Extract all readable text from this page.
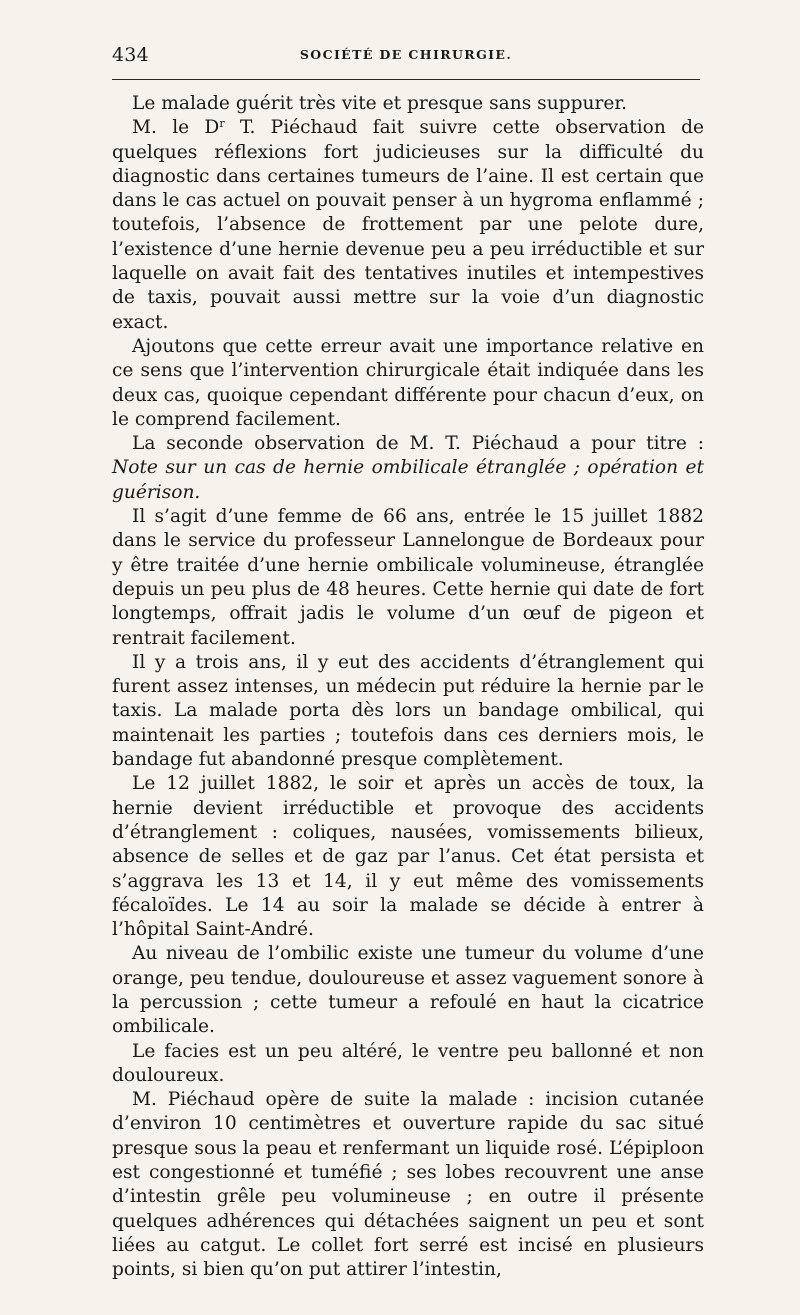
434	SOCIÉTÉ DE CHIRURGIE.

Le malade guérit très vite et presque sans suppurer.

M. le $D^r$ T. Piéchaud fait suivre cette observation de quelques réflexions fort judicieuses sur la difficulté du diagnostic dans certaines tumeurs de l’aine. Il est certain que dans le cas actuel on pouvait penser à un hygroma enflammé ; toutefois, l’absence de frottement par une pelote dure, l’existence d’une hernie devenue peu a peu irréductible et sur laquelle on avait fait des tentatives inutiles et intempestives de taxis, pouvait aussi mettre sur la voie d’un diagnostic exact.

Ajoutons que cette erreur avait une importance relative en ce sens que l’intervention chirurgicale était indiquée dans les deux cas, quoique cependant différente pour chacun d’eux, on le comprend facilement.

La seconde observation de M. T. Piéchaud a pour titre : Note sur un cas de hernie ombilicale étranglée ; opération et guérison.

Il s’agit d’une femme de 66 ans, entrée le 15 juillet 1882 dans le service du professeur Lannelongue de Bordeaux pour y être traitée d’une hernie ombilicale volumineuse, étranglée depuis un peu plus de 48 heures. Cette hernie qui date de fort longtemps, offrait jadis le volume d’un œuf de pigeon et rentrait facilement.

Il y a trois ans, il y eut des accidents d’étranglement qui furent assez intenses, un médecin put réduire la hernie par le taxis. La malade porta dès lors un bandage ombilical, qui maintenait les parties ; toutefois dans ces derniers mois, le bandage fut abandonné presque complètement.

Le 12 juillet 1882, le soir et après un accès de toux, la hernie devient irréductible et provoque des accidents d’étranglement : coliques, nausées, vomissements bilieux, absence de selles et de gaz par l’anus. Cet état persista et s’aggrava les 13 et 14, il y eut même des vomissements fécaloïdes. Le 14 au soir la malade se décide à entrer à l’hôpital Saint-André.

Au niveau de l’ombilic existe une tumeur du volume d’une orange, peu tendue, douloureuse et assez vaguement sonore à la percussion ; cette tumeur a refoulé en haut la cicatrice ombilicale.

Le facies est un peu altéré, le ventre peu ballonné et non douloureux.

M. Piéchaud opère de suite la malade : incision cutanée d’environ 10 centimètres et ouverture rapide du sac situé presque sous la peau et renfermant un liquide rosé. L’épiploon est congestionné et tuméfié ; ses lobes recouvrent une anse d’intestin grêle peu volumineuse ; en outre il présente quelques adhérences qui détachées saignent un peu et sont liées au catgut. Le collet fort serré est incisé en plusieurs points, si bien qu’on put attirer l’intestin,
